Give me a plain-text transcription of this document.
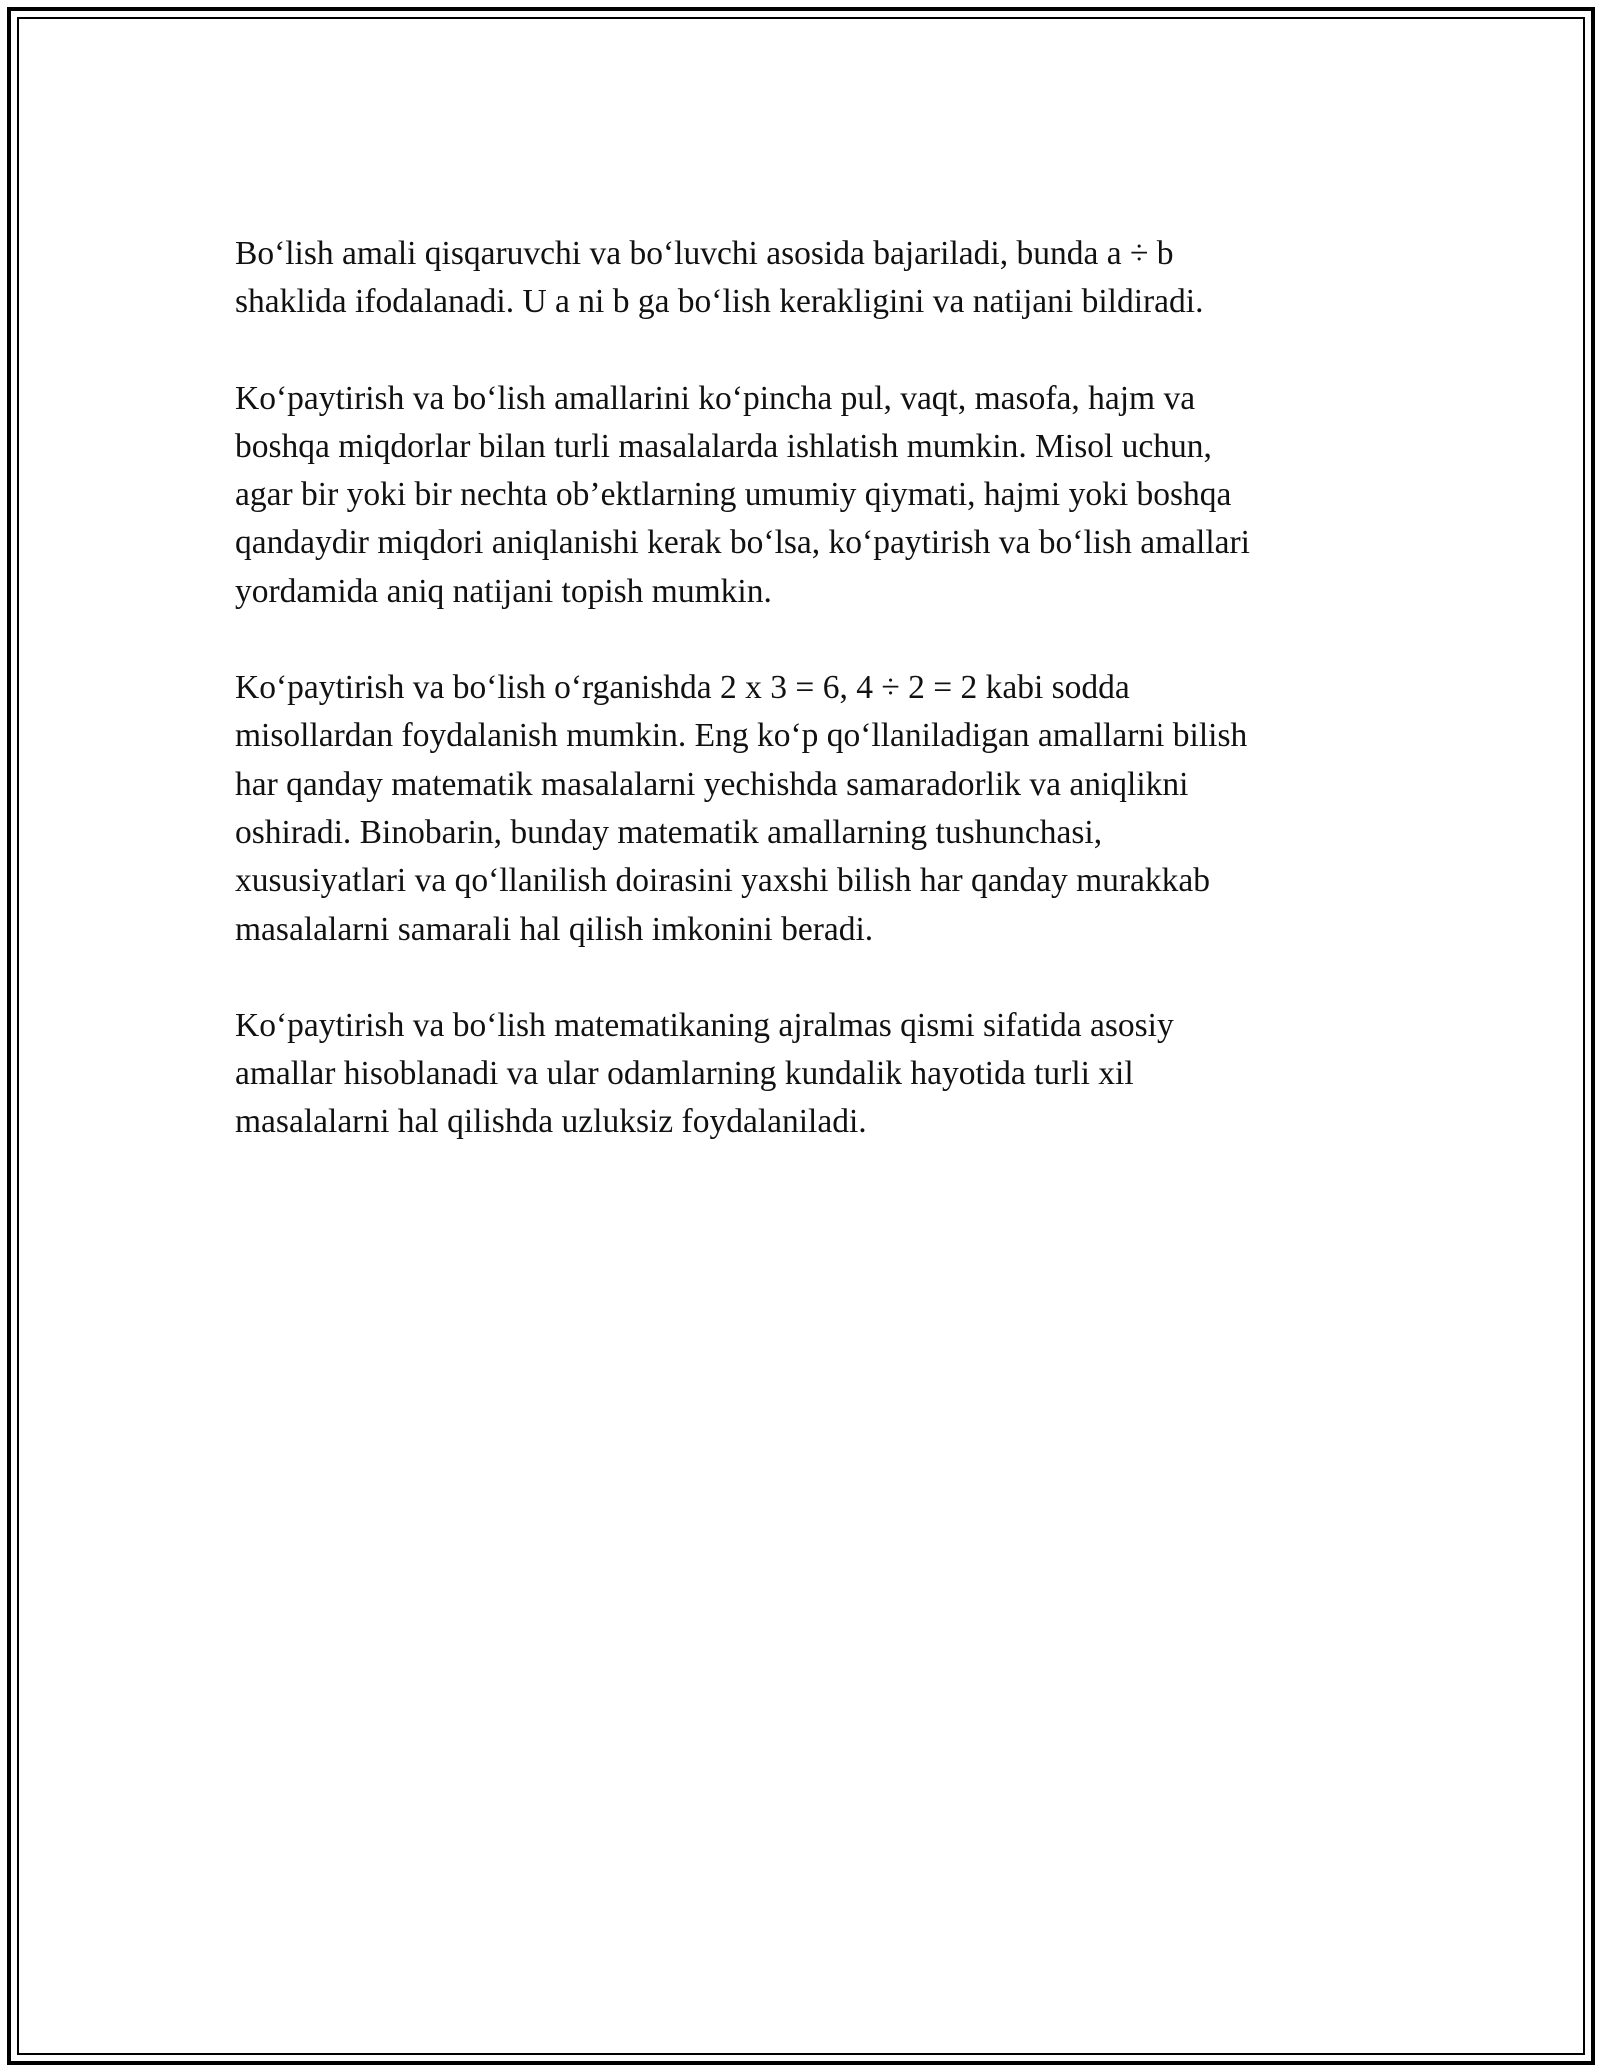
Bo‘lish amali qisqaruvchi va bo‘luvchi asosida bajariladi, bunda a ÷ b
shaklida ifodalanadi. U a ni b ga bo‘lish kerakligini va natijani bildiradi.

Ko‘paytirish va bo‘lish amallarini ko‘pincha pul, vaqt, masofa, hajm va
boshqa miqdorlar bilan turli masalalarda ishlatish mumkin. Misol uchun,
agar bir yoki bir nechta ob’ektlarning umumiy qiymati, hajmi yoki boshqa
qandaydir miqdori aniqlanishi kerak bo‘lsa, ko‘paytirish va bo‘lish amallari
yordamida aniq natijani topish mumkin.

Ko‘paytirish va bo‘lish o‘rganishda 2 x 3 = 6, 4 ÷ 2 = 2 kabi sodda
misollardan foydalanish mumkin. Eng ko‘p qo‘llaniladigan amallarni bilish
har qanday matematik masalalarni yechishda samaradorlik va aniqlikni
oshiradi. Binobarin, bunday matematik amallarning tushunchasi,
xususiyatlari va qo‘llanilish doirasini yaxshi bilish har qanday murakkab
masalalarni samarali hal qilish imkonini beradi.

Ko‘paytirish va bo‘lish matematikaning ajralmas qismi sifatida asosiy
amallar hisoblanadi va ular odamlarning kundalik hayotida turli xil
masalalarni hal qilishda uzluksiz foydalaniladi.
